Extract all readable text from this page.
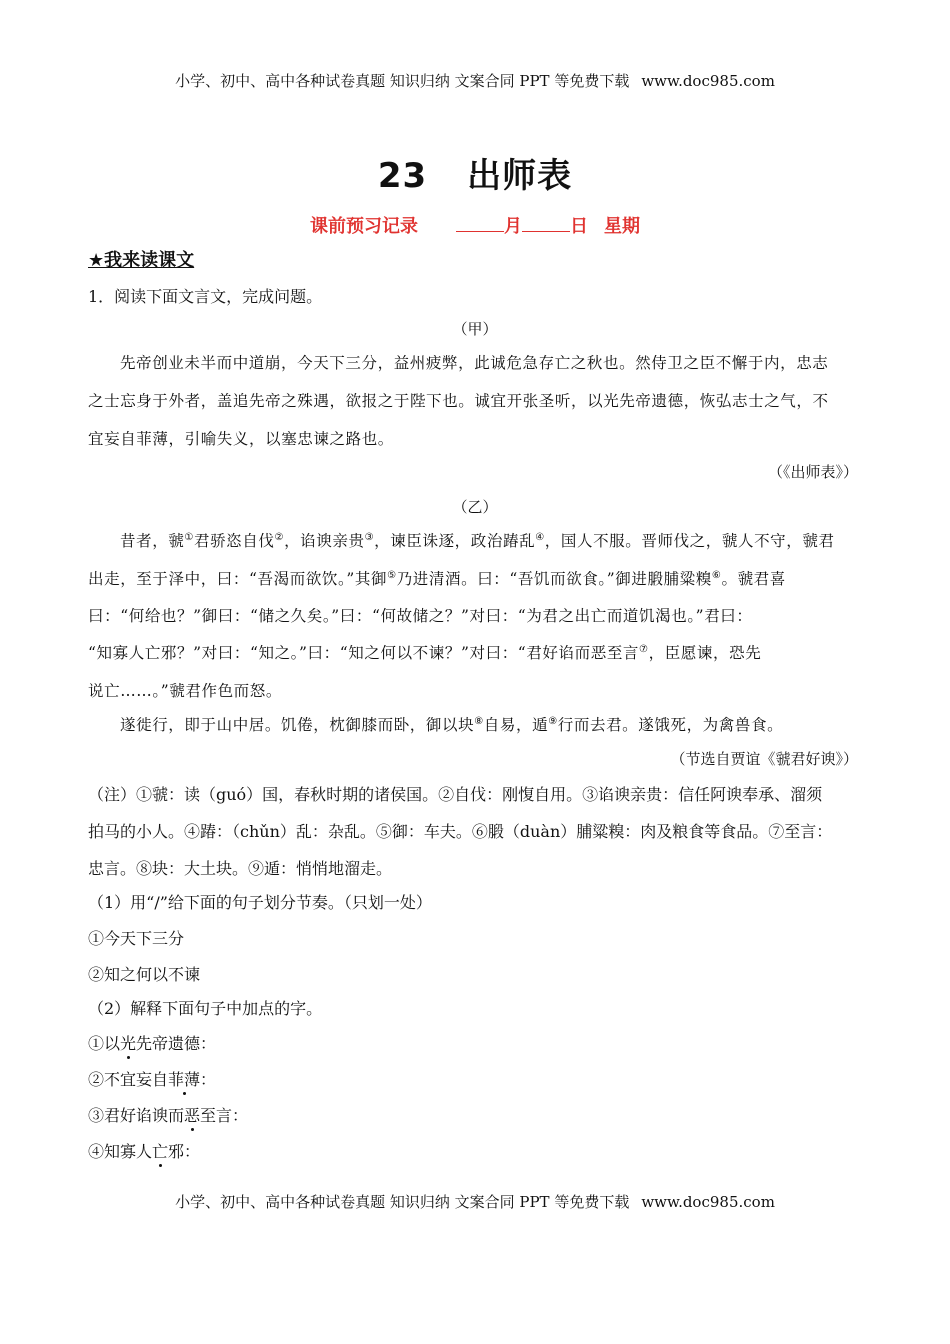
小学、初中、高中各种试卷真题 知识归纳 文案合同 PPT 等免费下载 www.doc985.com
23 出师表
课前预习记录	月	日 星期
★我来读课文
1．阅读下面文言文，完成问题。
（甲）
先帝创业未半而中道崩，今天下三分，益州疲弊，此诚危急存亡之秋也。然侍卫之臣不懈于内，忠志
之士忘身于外者，盖追先帝之殊遇，欲报之于陛下也。诚宜开张圣听，以光先帝遗德，恢弘志士之气，不
宜妄自菲薄，引喻失义，以塞忠谏之路也。
（《出师表》）
（乙）
昔者，虢①君骄恣自伐②，谄谀亲贵③，谏臣诛逐，政治踳乱④，国人不服。晋师伐之，虢人不守，虢君
出走，至于泽中，曰：“吾渴而欲饮。”其御⑤乃进清酒。曰：“吾饥而欲食。”御进腶脯粱糗⑥。虢君喜
曰：“何给也？”御曰：“储之久矣。”曰：“何故储之？”对曰：“为君之出亡而道饥渴也。”君曰：
“知寡人亡邪？”对曰：“知之。”曰：“知之何以不谏？”对曰：“君好谄而恶至言⑦，臣愿谏，恐先
说亡……。”虢君作色而怒。
遂徙行，即于山中居。饥倦，枕御膝而卧，御以块⑧自易，遁⑨行而去君。遂饿死，为禽兽食。
（节选自贾谊《虢君好谀》）
（注）①虢：读（guó）国，春秋时期的诸侯国。②自伐：刚愎自用。③谄谀亲贵：信任阿谀奉承、溜须
拍马的小人。④踳：（chǔn）乱：杂乱。⑤御：车夫。⑥腶（duàn）脯粱糗：肉及粮食等食品。⑦至言：
忠言。⑧块：大土块。⑨遁：悄悄地溜走。
（1）用“/”给下面的句子划分节奏。（只划一处）
①今天下三分
②知之何以不谏
（2）解释下面句子中加点的字。
①以光先帝遗德：
②不宜妄自菲薄：
③君好谄谀而恶至言：
④知寡人亡邪：
小学、初中、高中各种试卷真题 知识归纳 文案合同 PPT 等免费下载 www.doc985.com
